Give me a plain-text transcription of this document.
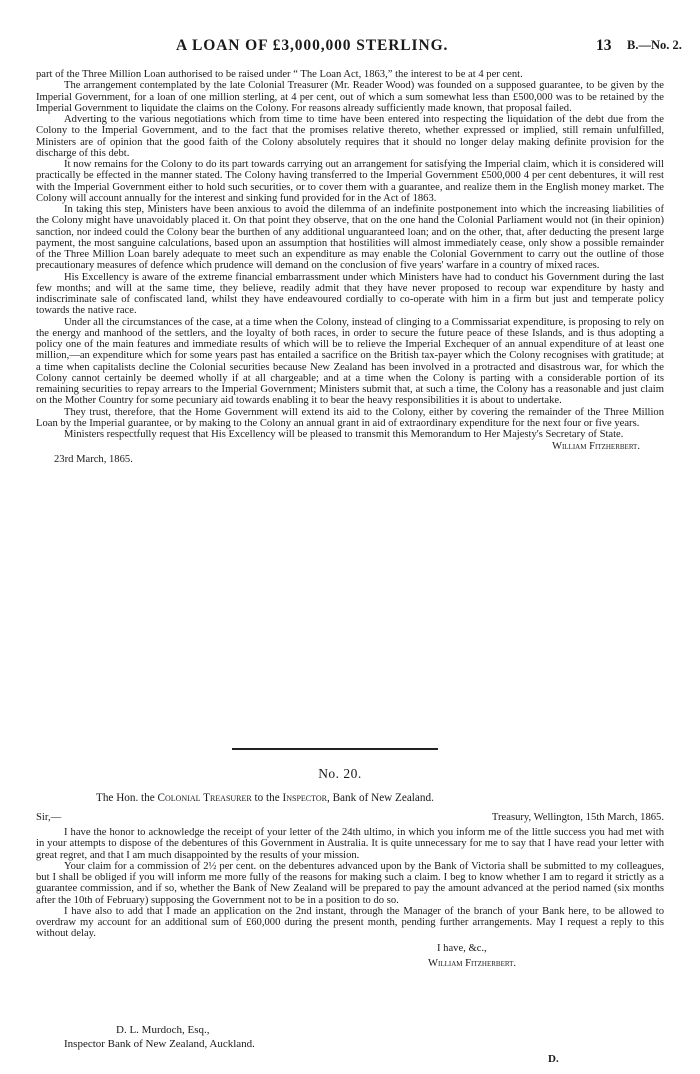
A LOAN OF £3,000,000 STERLING.	13 B.—No. 2.

part of the Three Million Loan authorised to be raised under “ The Loan Act, 1863,” the interest to be at 4 per cent.

The arrangement contemplated by the late Colonial Treasurer (Mr. Reader Wood) was founded on a supposed guarantee, to be given by the Imperial Government, for a loan of one million sterling, at 4 per cent, out of which a sum somewhat less than £500,000 was to be retained by the Imperial Government to liquidate the claims on the Colony. For reasons already sufficiently made known, that proposal failed.

Adverting to the various negotiations which from time to time have been entered into respecting the liquidation of the debt due from the Colony to the Imperial Government, and to the fact that the promises relative thereto, whether expressed or implied, still remain unfulfilled, Ministers are of opinion that the good faith of the Colony absolutely requires that it should no longer delay making definite provision for the discharge of this debt.

It now remains for the Colony to do its part towards carrying out an arrangement for satisfying the Imperial claim, which it is considered will practically be effected in the manner stated. The Colony having transferred to the Imperial Government £500,000 4 per cent debentures, it will rest with the Imperial Government either to hold such securities, or to cover them with a guarantee, and realize them in the English money market. The Colony will account annually for the interest and sinking fund provided for in the Act of 1863.

In taking this step, Ministers have been anxious to avoid the dilemma of an indefinite postponement into which the increasing liabilities of the Colony might have unavoidably placed it. On that point they observe, that on the one hand the Colonial Parliament would not (in their opinion) sanction, nor indeed could the Colony bear the burthen of any additional unguaranteed loan; and on the other, that, after deducting the present large payment, the most sanguine calculations, based upon an assumption that hostilities will almost immediately cease, only show a possible remainder of the Three Million Loan barely adequate to meet such an expenditure as may enable the Colonial Government to carry out the outline of those precautionary measures of defence which prudence will demand on the conclusion of five years' warfare in a country of mixed races.

His Excellency is aware of the extreme financial embarrassment under which Ministers have had to conduct his Government during the last few months; and will at the same time, they believe, readily admit that they have never proposed to recoup war expenditure by hasty and indiscriminate sale of confiscated land, whilst they have endeavoured cordially to co-operate with him in a firm but just and temperate policy towards the native race.

Under all the circumstances of the case, at a time when the Colony, instead of clinging to a Commissariat expenditure, is proposing to rely on the energy and manhood of the settlers, and the loyalty of both races, in order to secure the future peace of these Islands, and is thus adopting a policy one of the main features and immediate results of which will be to relieve the Imperial Exchequer of an annual expenditure of at least one million,—an expenditure which for some years past has entailed a sacrifice on the British tax-payer which the Colony recognises with gratitude; at a time when capitalists decline the Colonial securities because New Zealand has been involved in a protracted and disastrous war, for which the Colony cannot certainly be deemed wholly if at all chargeable; and at a time when the Colony is parting with a considerable portion of its remaining securities to repay arrears to the Imperial Government; Ministers submit that, at such a time, the Colony has a reasonable and just claim on the Mother Country for some pecuniary aid towards enabling it to bear the heavy responsibilities it is about to undertake.

They trust, therefore, that the Home Government will extend its aid to the Colony, either by covering the remainder of the Three Million Loan by the Imperial guarantee, or by making to the Colony an annual grant in aid of extraordinary expenditure for the next four or five years.

Ministers respectfully request that His Excellency will be pleased to transmit this Memorandum to Her Majesty's Secretary of State.

William Fitzherbert.
23rd March, 1865.
No. 20.
The Hon. the Colonial Treasurer to the Inspector, Bank of New Zealand.
Sir,—	Treasury, Wellington, 15th March, 1865.

I have the honor to acknowledge the receipt of your letter of the 24th ultimo, in which you inform me of the little success you had met with in your attempts to dispose of the debentures of this Government in Australia. It is quite unnecessary for me to say that I have read your letter with great regret, and that I am much disappointed by the results of your mission.

Your claim for a commission of 2½ per cent. on the debentures advanced upon by the Bank of Victoria shall be submitted to my colleagues, but I shall be obliged if you will inform me more fully of the reasons for making such a claim. I beg to know whether I am to regard it strictly as a guarantee commission, and if so, whether the Bank of New Zealand will be prepared to pay the amount advanced at the period named (six months after the 10th of February) supposing the Government not to be in a position to do so.

I have also to add that I made an application on the 2nd instant, through the Manager of the branch of your Bank here, to be allowed to overdraw my account for an additional sum of £60,000 during the present month, pending further arrangements. May I request a reply to this without delay.

I have, &c.,
William Fitzherbert.
D. L. Murdoch, Esq.,
Inspector Bank of New Zealand, Auckland.
D.
